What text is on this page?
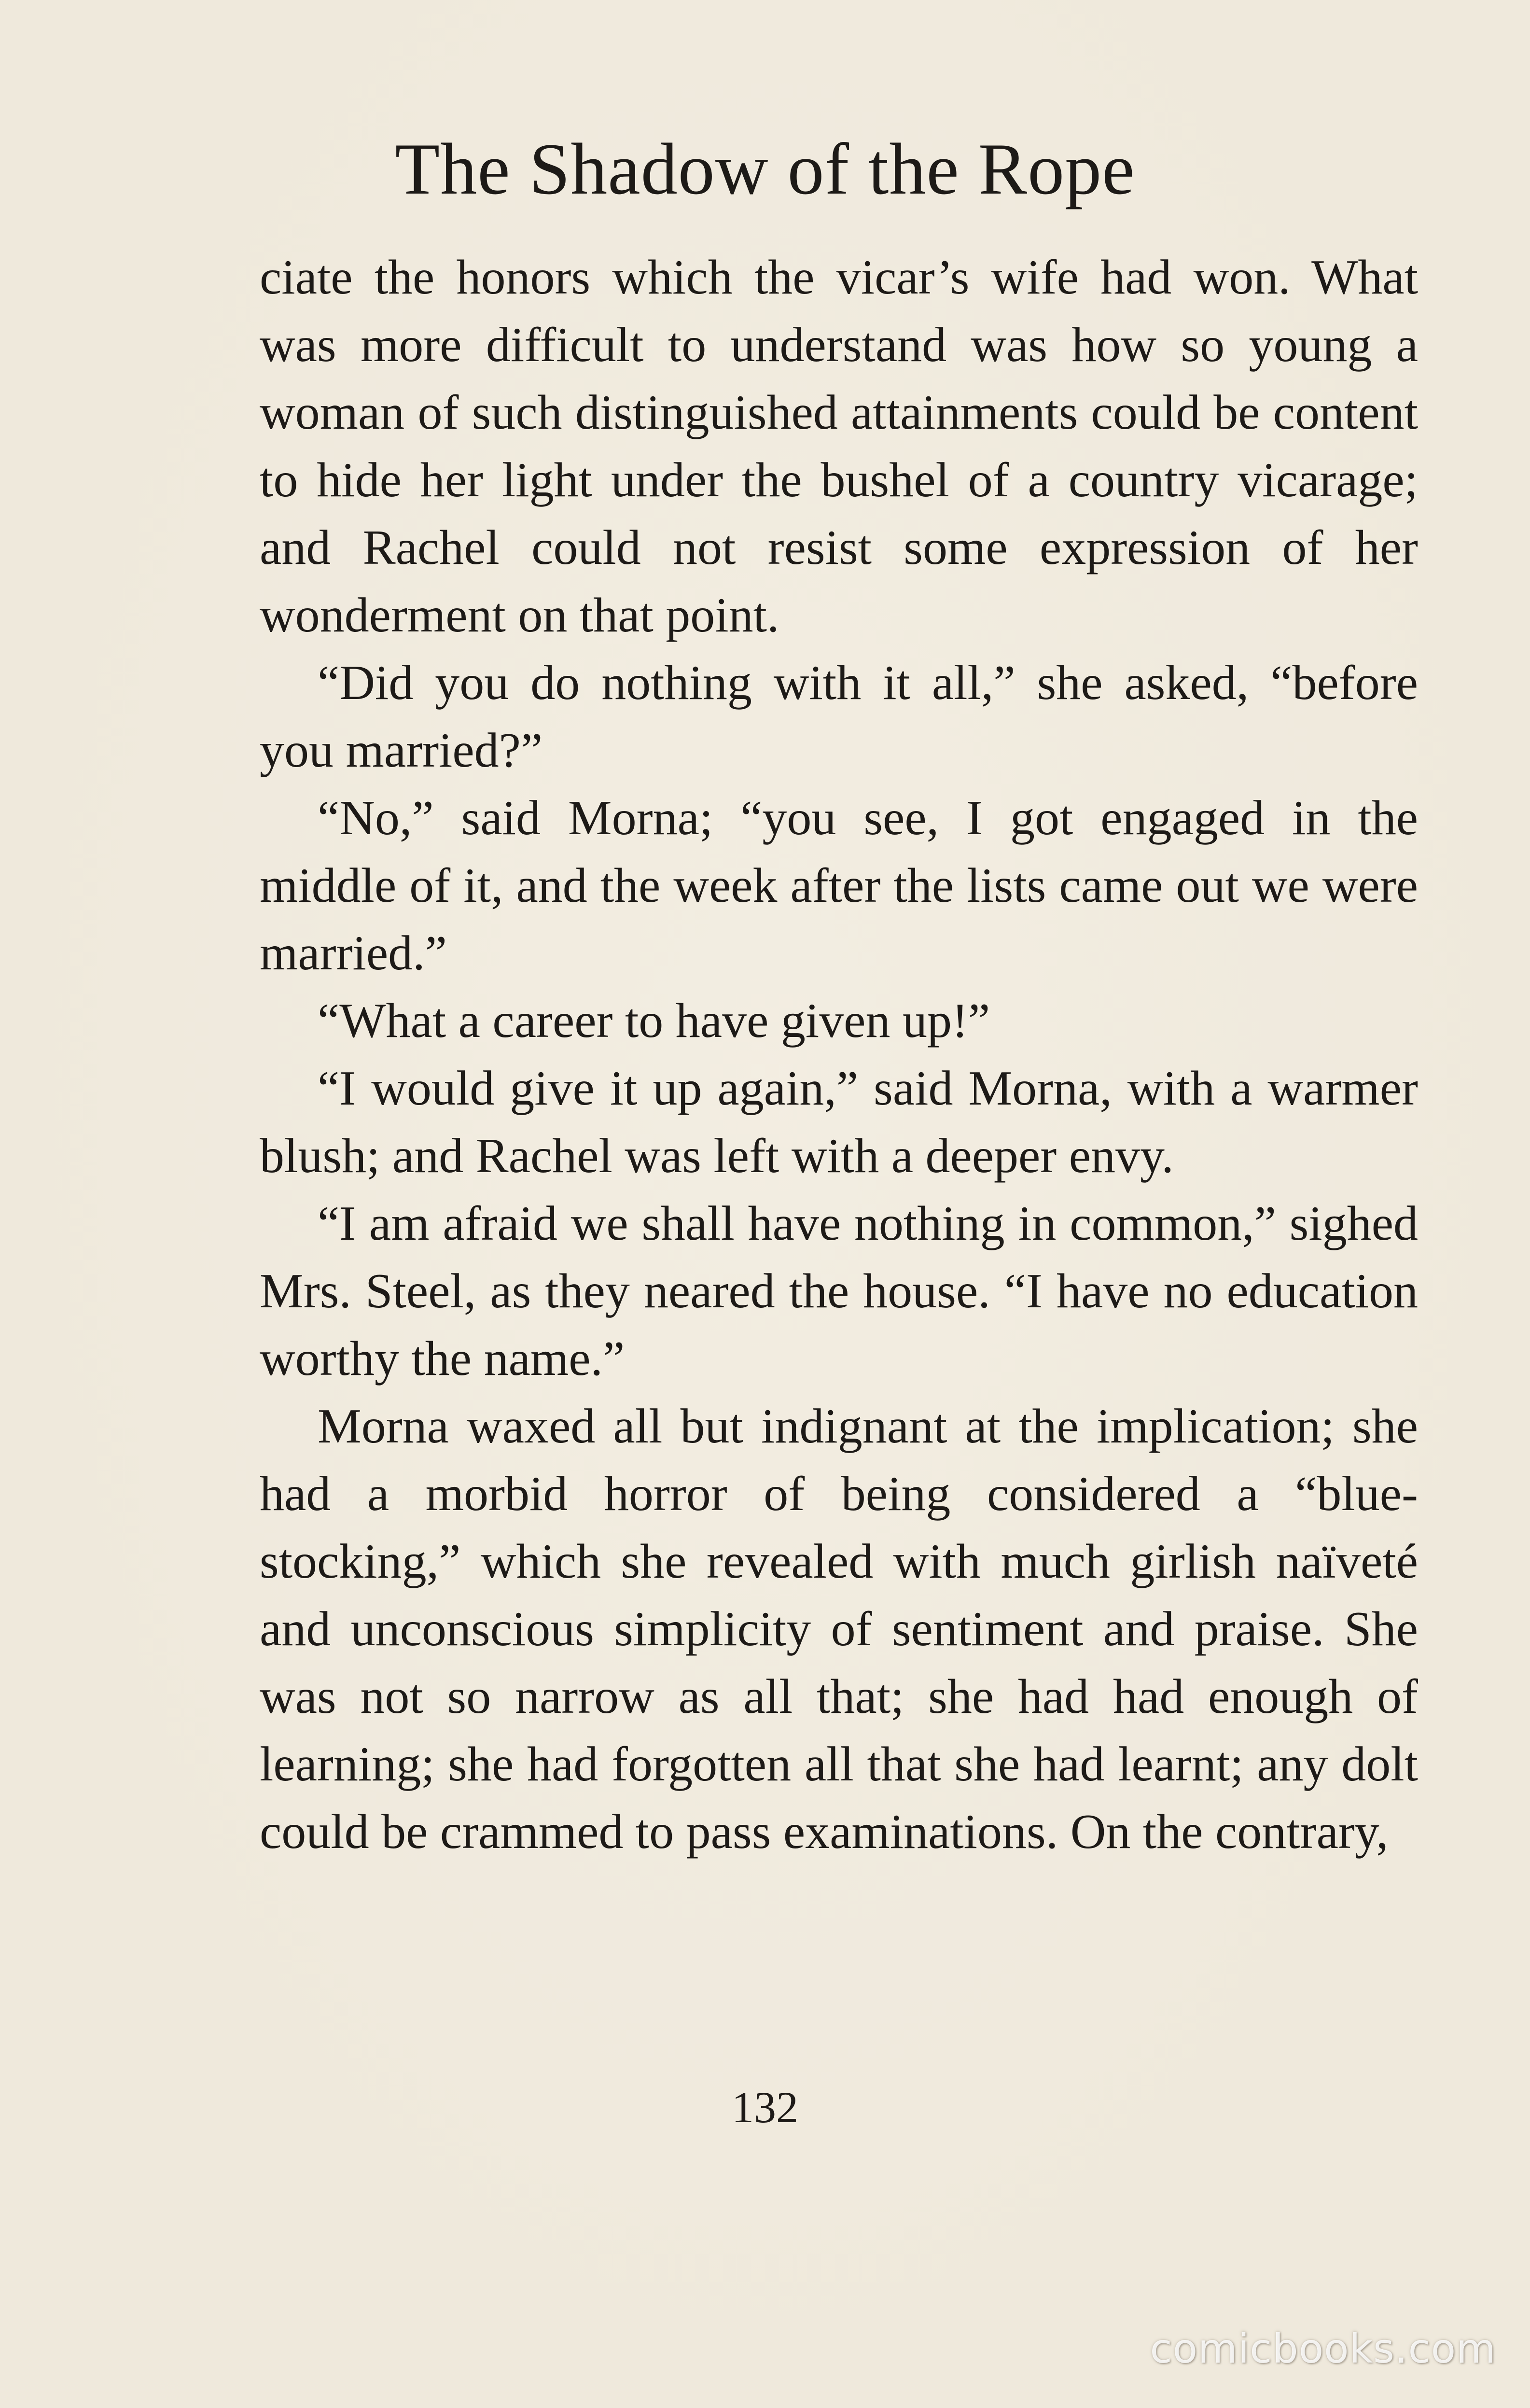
The Shadow of the Rope

ciate the honors which the vicar’s wife had won. What was more difficult to understand was how so young a woman of such distinguished attainments could be content to hide her light under the bushel of a country vicarage; and Rachel could not resist some expression of her wonderment on that point.

“Did you do nothing with it all,” she asked, “before you married?”

“No,” said Morna; “you see, I got engaged in the middle of it, and the week after the lists came out we were married.”

“What a career to have given up!”

“I would give it up again,” said Morna, with a warmer blush; and Rachel was left with a deeper envy.

“I am afraid we shall have nothing in common,” sighed Mrs. Steel, as they neared the house. “I have no education worthy the name.”

Morna waxed all but indignant at the implication; she had a morbid horror of being considered a “blue-stocking,” which she revealed with much girlish naïveté and unconscious simplicity of sentiment and praise. She was not so narrow as all that; she had had enough of learning; she had forgotten all that she had learnt; any dolt could be crammed to pass examinations. On the contrary,

132
comicbooks.com
